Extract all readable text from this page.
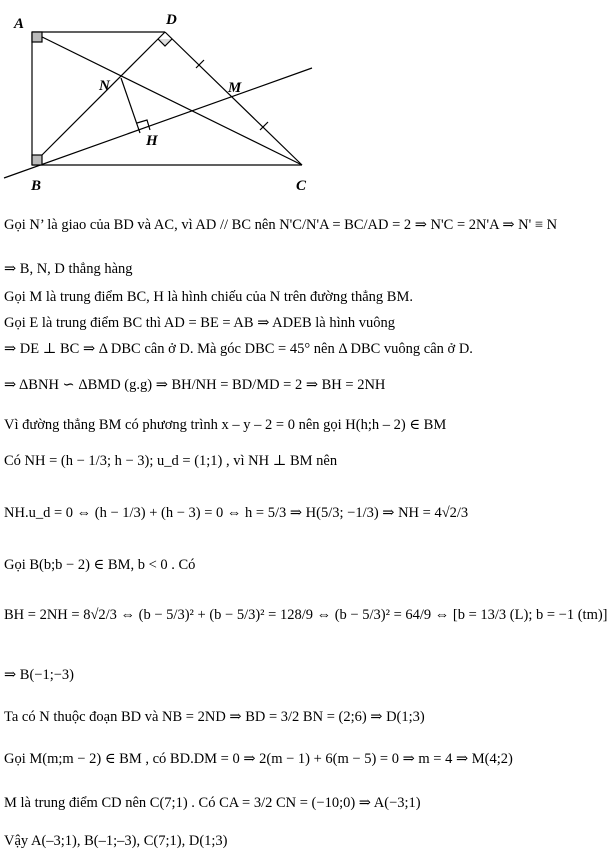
A	D
N	M
H
B	C
Gọi N’ là giao của BD và AC, vì AD // BC nên N'C/N'A = BC/AD = 2 ⇒ N'C = 2N'A ⇒ N' ≡ N
⇒ B, N, D thẳng hàng
Gọi M là trung điểm BC, H là hình chiếu của N trên đường thẳng BM.
Gọi E là trung điểm BC thì AD = BE = AB ⇒ ADEB là hình vuông
⇒ DE ⊥ BC ⇒ Δ DBC cân ở D. Mà góc DBC = 45° nên Δ DBC vuông cân ở D.
⇒ ΔBNH ∽ ΔBMD (g.g) ⇒ BH/NH = BD/MD = 2 ⇒ BH = 2NH
Vì đường thẳng BM có phương trình x – y – 2 = 0 nên gọi H(h;h – 2) ∈ BM
Có NH = (h − 1/3; h − 3); u_d = (1;1) , vì NH ⊥ BM nên
NH.u_d = 0 ⇔ (h − 1/3) + (h − 3) = 0 ⇔ h = 5/3 ⇒ H(5/3; −1/3) ⇒ NH = 4√2/3
Gọi B(b;b − 2) ∈ BM, b < 0 . Có
BH = 2NH = 8√2/3 ⇔ (b − 5/3)² + (b − 5/3)² = 128/9 ⇔ (b − 5/3)² = 64/9 ⇔ [b = 13/3 (L); b = −1 (tm)]
⇒ B(−1;−3)
Ta có N thuộc đoạn BD và NB = 2ND ⇒ BD = 3/2 BN = (2;6) ⇒ D(1;3)
Gọi M(m;m − 2) ∈ BM , có BD.DM = 0 ⇒ 2(m − 1) + 6(m − 5) = 0 ⇒ m = 4 ⇒ M(4;2)
M là trung điểm CD nên C(7;1) . Có CA = 3/2 CN = (−10;0) ⇒ A(−3;1)
Vậy A(–3;1), B(–1;–3), C(7;1), D(1;3)
